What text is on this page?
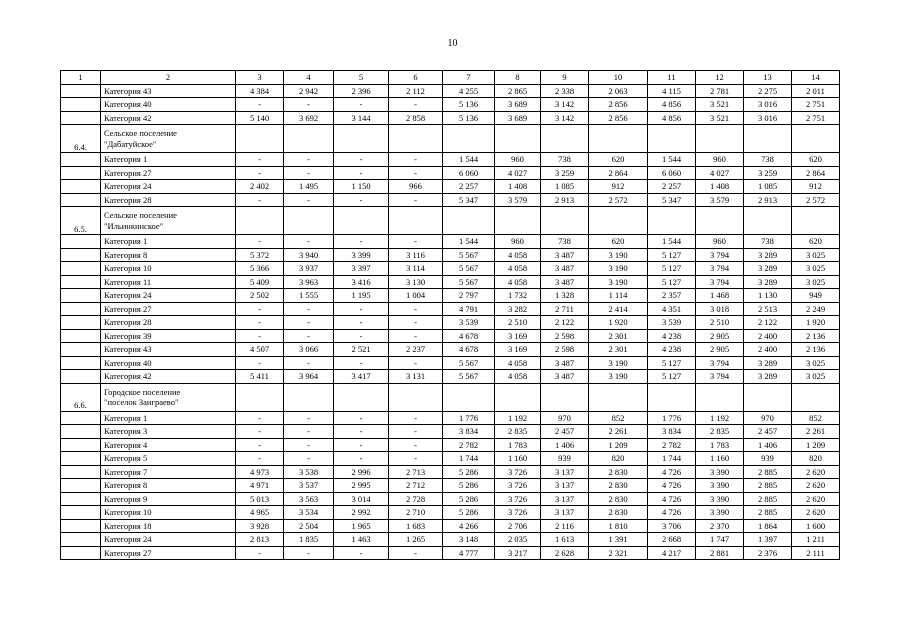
10
1	2	3	4	5	6	7	8	9	10	11	12	13	14
	Категория 43	4 384	2 942	2 396	2 112	4 255	2 865	2 338	2 063	4 115	2 781	2 275	2 011
	Категория 40	-	-	-	-	5 136	3 689	3 142	2 856	4 856	3 521	3 016	2 751
	Категория 42	5 140	3 692	3 144	2 858	5 136	3 689	3 142	2 856	4 856	3 521	3 016	2 751
6.4.	Сельское поселение
"Дабатуйское"												

	Категория 1	-	-	-	-	1 544	960	738	620	1 544	960	738	620
	Категория 27	-	-	-	-	6 060	4 027	3 259	2 864	6 060	4 027	3 259	2 864
	Категория 24	2 402	1 495	1 150	966	2 257	1 408	1 085	912	2 257	1 408	1 085	912
	Категория 28	-	-	-	-	5 347	3 579	2 913	2 572	5 347	3 579	2 913	2 572
6.5.	Сельское поселение
"Ильинкинское"												

	Категория 1	-	-	-	-	1 544	960	738	620	1 544	960	738	620
	Категория 8	5 372	3 940	3 399	3 116	5 567	4 058	3 487	3 190	5 127	3 794	3 289	3 025
	Категория 10	5 366	3 937	3 397	3 114	5 567	4 058	3 487	3 190	5 127	3 794	3 289	3 025
	Категория 11	5 409	3 963	3 416	3 130	5 567	4 058	3 487	3 190	5 127	3 794	3 289	3 025
	Категория 24	2 502	1 555	1 195	1 004	2 797	1 732	1 328	1 114	2 357	1 468	1 130	949
	Категория 27	-	-	-	-	4 791	3 282	2 711	2 414	4 351	3 018	2 513	2 249
	Категория 28	-	-	-	-	3 539	2 510	2 122	1 920	3 539	2 510	2 122	1 920
	Категория 39	-	-	-	-	4 678	3 169	2 598	2 301	4 238	2 905	2 400	2 136
	Категория 43	4 507	3 066	2 521	2 237	4 678	3 169	2 598	2 301	4 238	2 905	2 400	2 136
	Категория 40	-	-	-	-	5 567	4 058	3 487	3 190	5 127	3 794	3 289	3 025
	Категория 42	5 411	3 964	3 417	3 131	5 567	4 058	3 487	3 190	5 127	3 794	3 289	3 025
6.6.	Городское поселение
"поселок Заиграево"												

	Категория 1	-	-	-	-	1 776	1 192	970	852	1 776	1 192	970	852
	Категория 3	-	-	-	-	3 834	2 835	2 457	2 261	3 834	2 835	2 457	2 261
	Категория 4	-	-	-	-	2 782	1 783	1 406	1 209	2 782	1 783	1 406	1 209
	Категория 5	-	-	-	-	1 744	1 160	939	820	1 744	1 160	939	820
	Категория 7	4 973	3 538	2 996	2 713	5 286	3 726	3 137	2 830	4 726	3 390	2 885	2 620
	Категория 8	4 971	3 537	2 995	2 712	5 286	3 726	3 137	2 830	4 726	3 390	2 885	2 620
	Категория 9	5 013	3 563	3 014	2 728	5 286	3 726	3 137	2 830	4 726	3 390	2 885	2 620
	Категория 10	4 965	3 534	2 992	2 710	5 286	3 726	3 137	2 830	4 726	3 390	2 885	2 620
	Категория 18	3 928	2 504	1 965	1 683	4 266	2 706	2 116	1 810	3 706	2 370	1 864	1 600
	Категория 24	2 813	1 835	1 463	1 265	3 148	2 035	1 613	1 391	2 668	1 747	1 397	1 211
	Категория 27	-	-	-	-	4 777	3 217	2 628	2 321	4 217	2 881	2 376	2 111
